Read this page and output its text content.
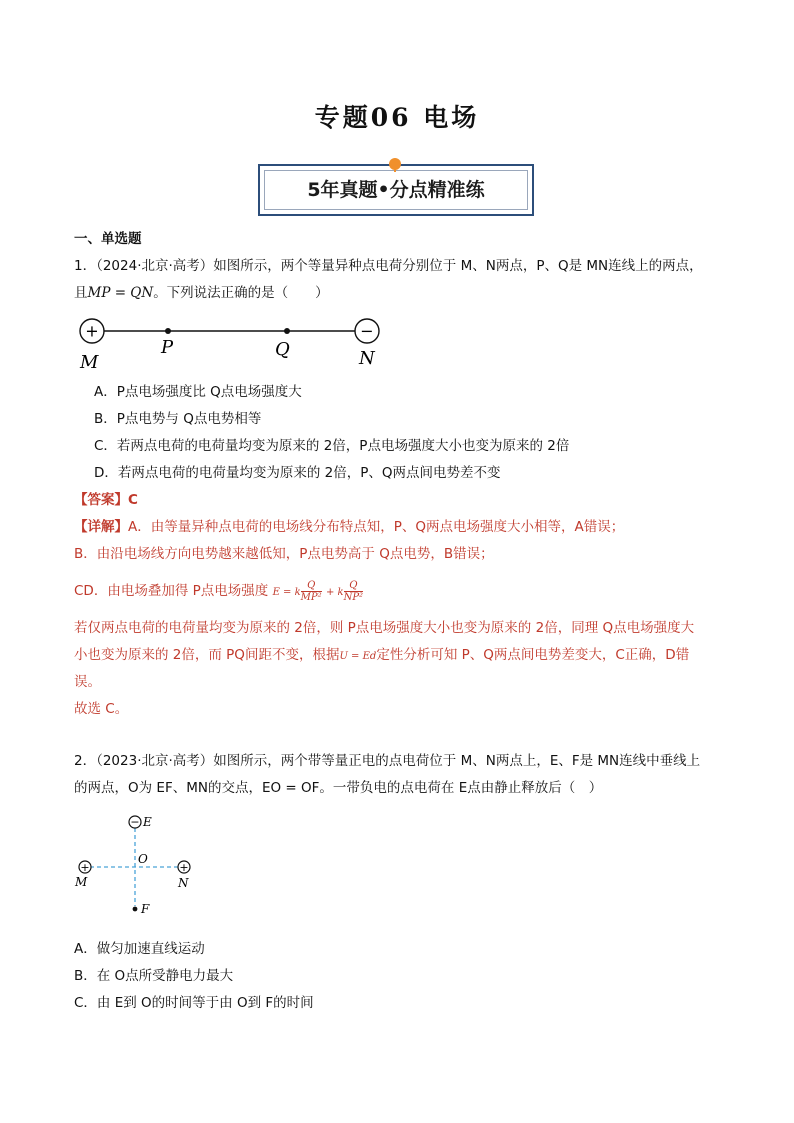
专题06 电场
5年真题•分点精准练
一、单选题
1．（2024·北京·高考）如图所示，两个等量异种点电荷分别位于 M、N两点，P、Q是 MN连线上的两点，
且MP = QN。下列说法正确的是（　　）
+	−
M
P	Q	N
A．P点电场强度比 Q点电场强度大
B．P点电势与 Q点电势相等
C．若两点电荷的电荷量均变为原来的 2倍，P点电场强度大小也变为原来的 2倍
D．若两点电荷的电荷量均变为原来的 2倍，P、Q两点间电势差不变
【答案】C
【详解】A．由等量异种点电荷的电场线分布特点知，P、Q两点电场强度大小相等，A错误；
B．由沿电场线方向电势越来越低知，P点电势高于 Q点电势，B错误；
CD．由电场叠加得 P点电场强度 E = k $\frac{Q}{\text{MP²}} + k \frac{Q}{\text{NP²}}$
若仅两点电荷的电荷量均变为原来的 2倍，则 P点电场强度大小也变为原来的 2倍，同理 Q点电场强度大
小也变为原来的 2倍，而 PQ间距不变，根据U = Ed定性分析可知 P、Q两点间电势差变大，C正确，D错
误。
故选 C。
2．（2023·北京·高考）如图所示，两个带等量正电的点电荷位于 M、N两点上，E、F是 MN连线中垂线上
的两点，O为 EF、MN的交点，EO = OF。一带负电的点电荷在 E点由静止释放后（　）
−
+	+
E
O
M	N
F
A．做匀加速直线运动
B．在 O点所受静电力最大
C．由 E到 O的时间等于由 O到 F的时间
